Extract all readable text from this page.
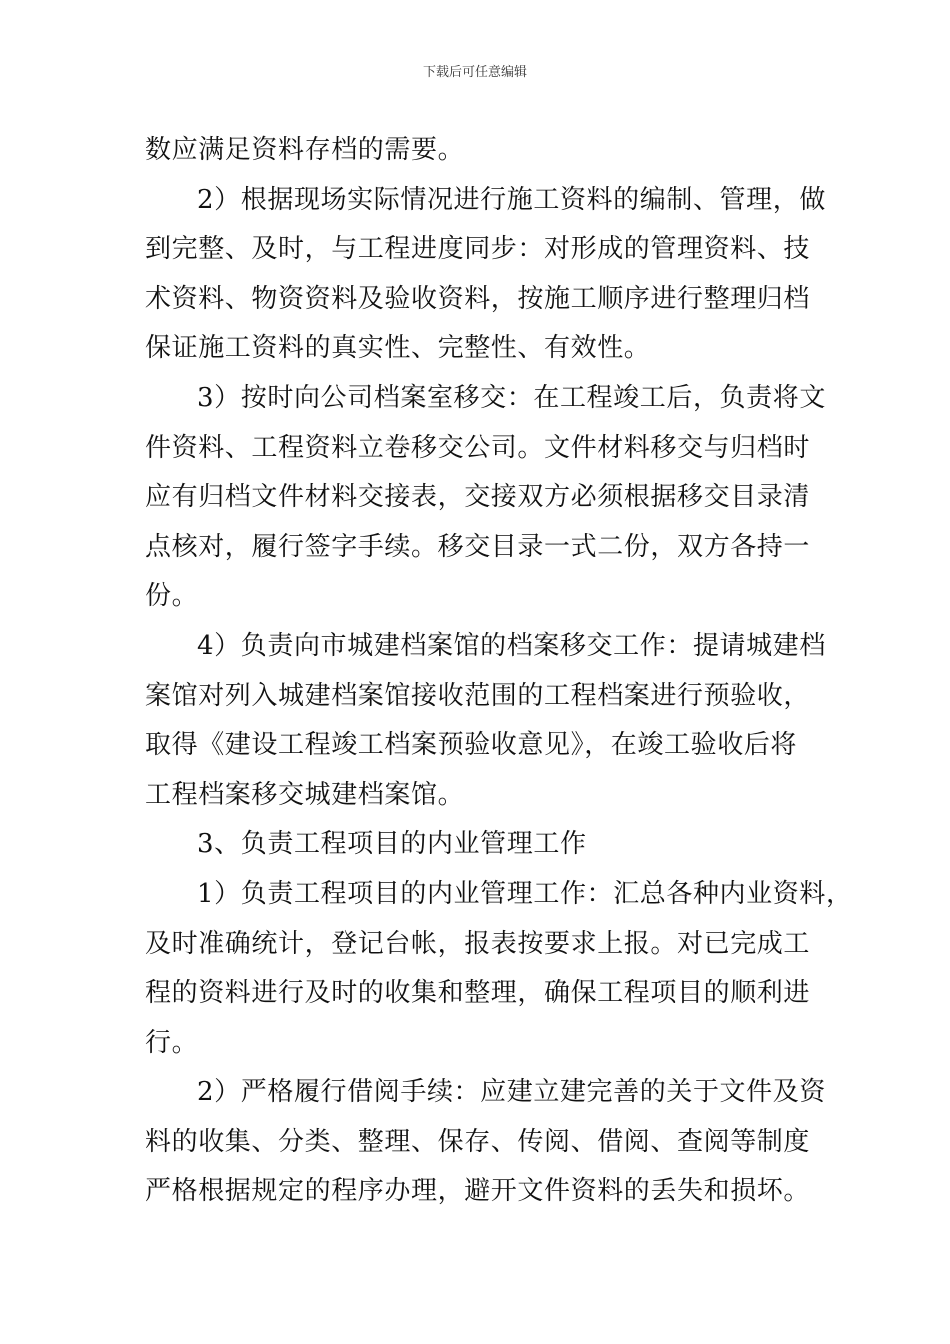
下载后可任意编辑
数应满足资料存档的需要。
2）根据现场实际情况进行施工资料的编制、管理，做
到完整、及时，与工程进度同步：对形成的管理资料、技
术资料、物资资料及验收资料，按施工顺序进行整理归档
保证施工资料的真实性、完整性、有效性。
3）按时向公司档案室移交：在工程竣工后，负责将文
件资料、工程资料立卷移交公司。文件材料移交与归档时
应有归档文件材料交接表，交接双方必须根据移交目录清
点核对，履行签字手续。移交目录一式二份，双方各持一
份。
4）负责向市城建档案馆的档案移交工作：提请城建档
案馆对列入城建档案馆接收范围的工程档案进行预验收，
取得《建设工程竣工档案预验收意见》，在竣工验收后将
工程档案移交城建档案馆。
3、负责工程项目的内业管理工作
1）负责工程项目的内业管理工作：汇总各种内业资料，
及时准确统计，登记台帐，报表按要求上报。对已完成工
程的资料进行及时的收集和整理，确保工程项目的顺利进
行。
2）严格履行借阅手续：应建立建完善的关于文件及资
料的收集、分类、整理、保存、传阅、借阅、查阅等制度
严格根据规定的程序办理，避开文件资料的丢失和损坏。
